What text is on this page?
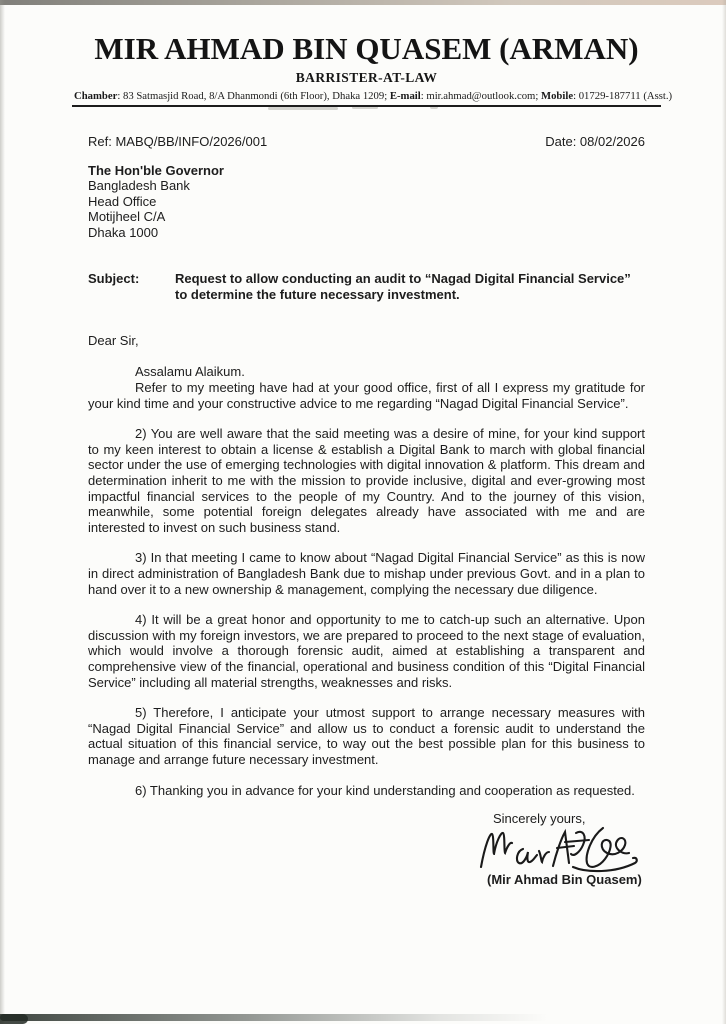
MIR AHMAD BIN QUASEM (ARMAN)
BARRISTER-AT-LAW
Chamber: 83 Satmasjid Road, 8/A Dhanmondi (6th Floor), Dhaka 1209; E-mail: mir.ahmad@outlook.com; Mobile: 01729-187711 (Asst.)
Ref: MABQ/BB/INFO/2026/001	Date: 08/02/2026
The Hon'ble Governor
Bangladesh Bank
Head Office
Motijheel C/A
Dhaka 1000
Subject:	Request to allow conducting an audit to “Nagad Digital Financial Service” to determine the future necessary investment.
Dear Sir,

Assalamu Alaikum.

Refer to my meeting have had at your good office, first of all I express my gratitude for your kind time and your constructive advice to me regarding “Nagad Digital Financial Service”.

2) You are well aware that the said meeting was a desire of mine, for your kind support to my keen interest to obtain a license & establish a Digital Bank to march with global financial sector under the use of emerging technologies with digital innovation & platform. This dream and determination inherit to me with the mission to provide inclusive, digital and ever-growing most impactful financial services to the people of my Country. And to the journey of this vision, meanwhile, some potential foreign delegates already have associated with me and are interested to invest on such business stand.

3) In that meeting I came to know about “Nagad Digital Financial Service” as this is now in direct administration of Bangladesh Bank due to mishap under previous Govt. and in a plan to hand over it to a new ownership & management, complying the necessary due diligence.

4) It will be a great honor and opportunity to me to catch-up such an alternative. Upon discussion with my foreign investors, we are prepared to proceed to the next stage of evaluation, which would involve a thorough forensic audit, aimed at establishing a transparent and comprehensive view of the financial, operational and business condition of this “Digital Financial Service” including all material strengths, weaknesses and risks.

5) Therefore, I anticipate your utmost support to arrange necessary measures with “Nagad Digital Financial Service” and allow us to conduct a forensic audit to understand the actual situation of this financial service, to way out the best possible plan for this business to manage and arrange future necessary investment.

6) Thanking you in advance for your kind understanding and cooperation as requested.

Sincerely yours,
(Mir Ahmad Bin Quasem)
